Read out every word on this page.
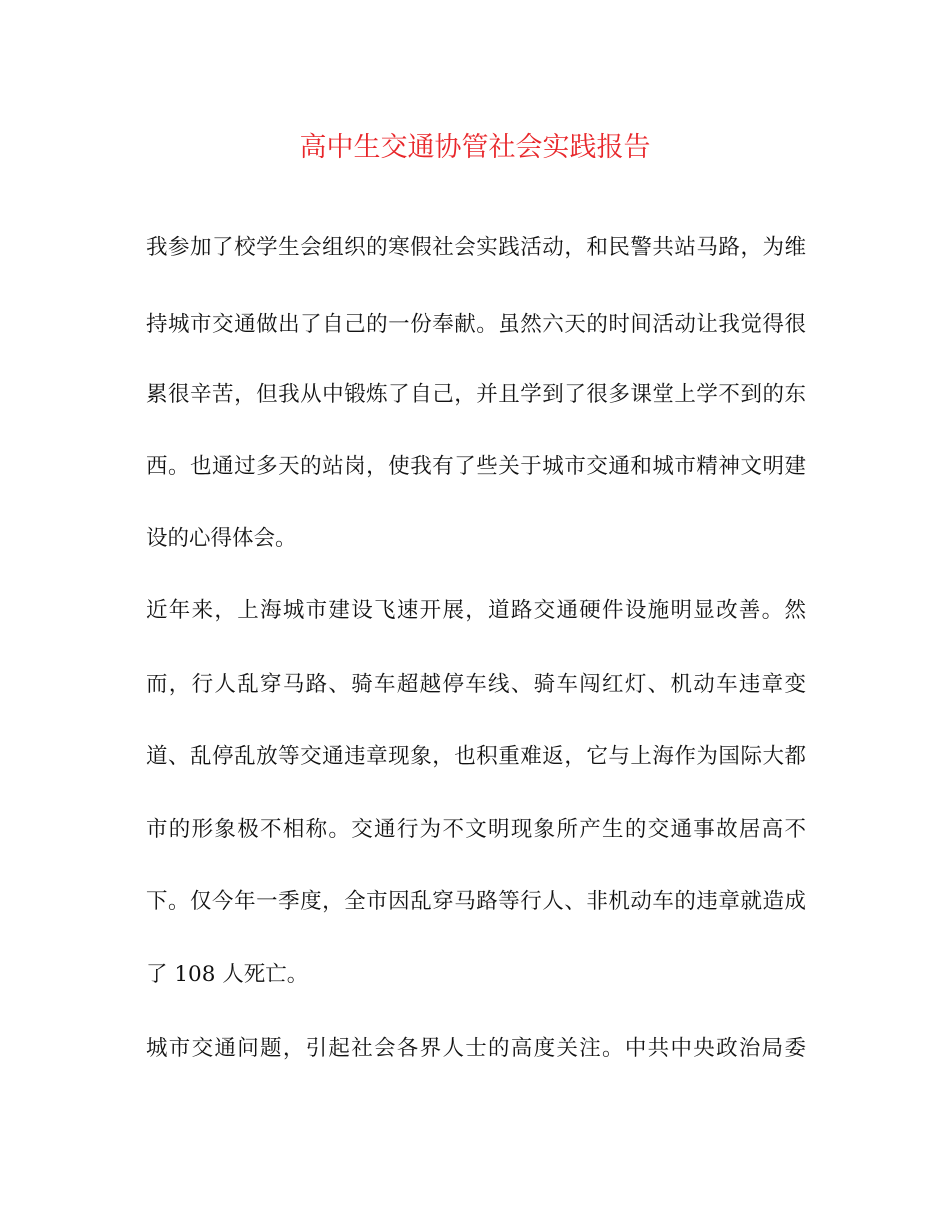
高中生交通协管社会实践报告

我参加了校学生会组织的寒假社会实践活动，和民警共站马路，为维

持城市交通做出了自己的一份奉献。虽然六天的时间活动让我觉得很

累很辛苦，但我从中锻炼了自己，并且学到了很多课堂上学不到的东

西。也通过多天的站岗，使我有了些关于城市交通和城市精神文明建

设的心得体会。

近年来，上海城市建设飞速开展，道路交通硬件设施明显改善。然

而，行人乱穿马路、骑车超越停车线、骑车闯红灯、机动车违章变

道、乱停乱放等交通违章现象，也积重难返，它与上海作为国际大都

市的形象极不相称。交通行为不文明现象所产生的交通事故居高不

下。仅今年一季度，全市因乱穿马路等行人、非机动车的违章就造成

了 108 人死亡。

城市交通问题，引起社会各界人士的高度关注。中共中央政治局委
